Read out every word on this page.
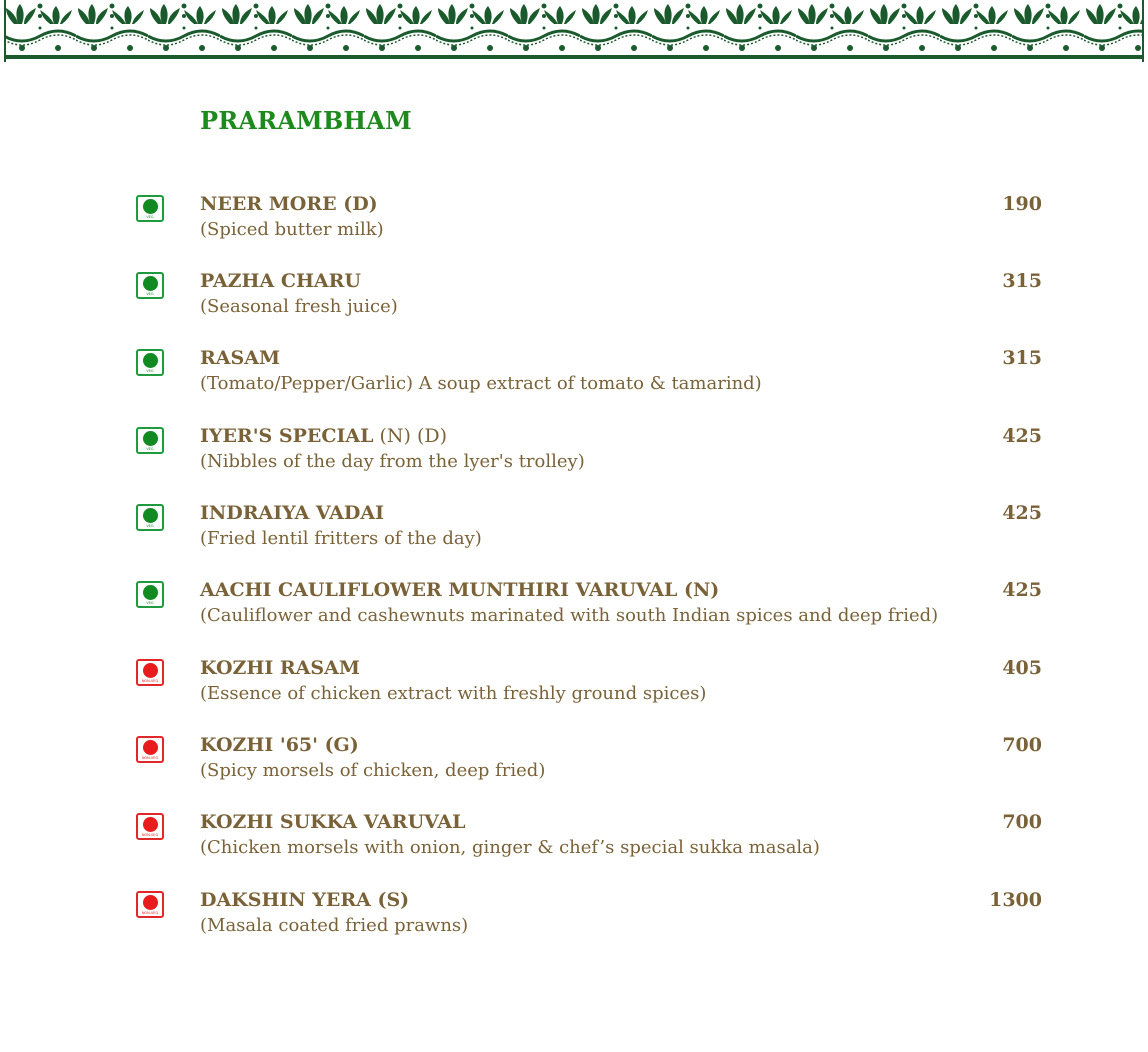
PRARAMBHAM
VEG
NEER MORE (D)
(Spiced butter milk)
190
VEG
PAZHA CHARU
(Seasonal fresh juice)
315
VEG
RASAM
(Tomato/Pepper/Garlic) A soup extract of tomato & tamarind)
315
VEG
IYER'S SPECIAL (N) (D)
(Nibbles of the day from the lyer's trolley)
425
VEG
INDRAIYA VADAI
(Fried lentil fritters of the day)
425
VEG
AACHI CAULIFLOWER MUNTHIRI VARUVAL (N)
(Cauliflower and cashewnuts marinated with south Indian spices and deep fried)
425
NON-VEG
KOZHI RASAM
(Essence of chicken extract with freshly ground spices)
405
NON-VEG
KOZHI '65' (G)
(Spicy morsels of chicken, deep fried)
700
NON-VEG
KOZHI SUKKA VARUVAL
(Chicken morsels with onion, ginger & chef’s special sukka masala)
700
NON-VEG
DAKSHIN YERA (S)
(Masala coated fried prawns)
1300
